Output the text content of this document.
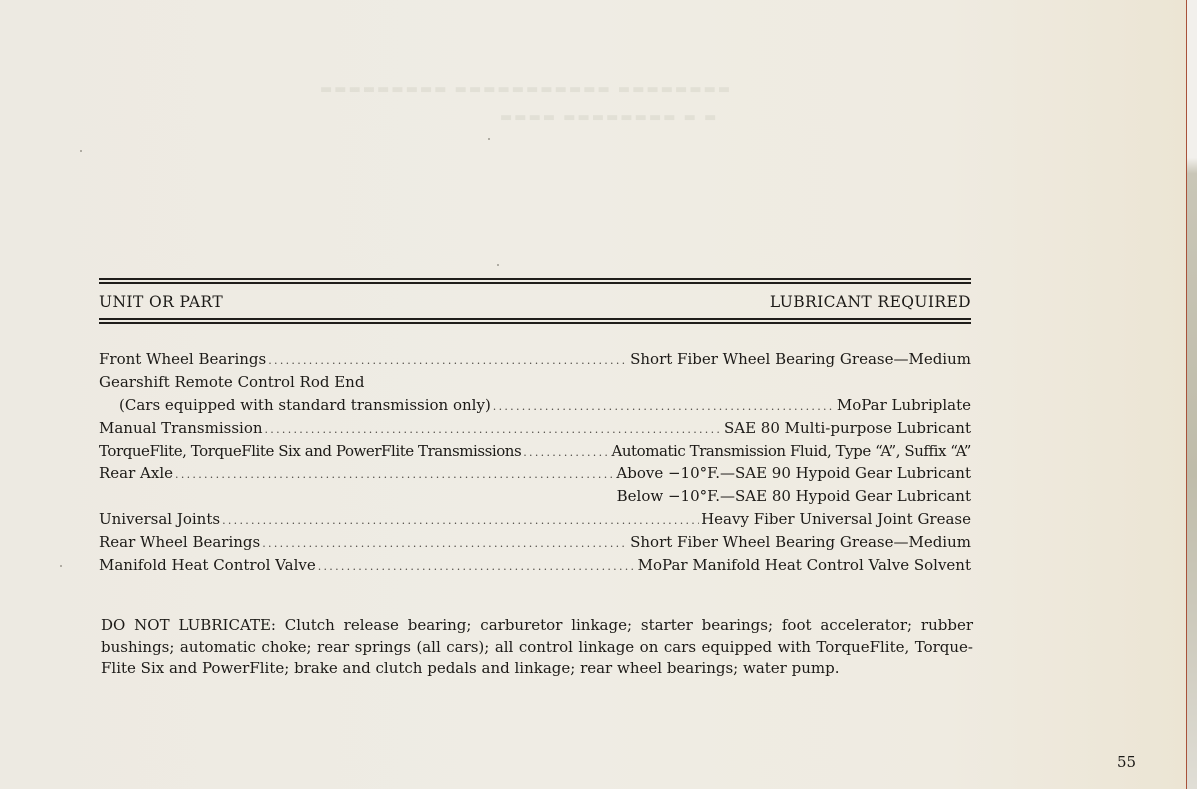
▬▬▬▬▬▬▬▬▬ ▬▬▬▬▬▬▬▬▬▬▬ ▬▬▬▬▬▬▬▬
▬▬▬▬ ▬▬▬▬▬▬▬▬ ▬ ▬
UNIT OR PART	LUBRICANT REQUIRED
Front Wheel Bearings . . .	Short Fiber Wheel Bearing Grease—Medium
Gearshift Remote Control Rod End
(Cars equipped with standard transmission only) . . .	MoPar Lubriplate
Manual Transmission . . .	SAE 80 Multi-purpose Lubricant
TorqueFlite, TorqueFlite Six and PowerFlite Transmissions . . .	Automatic Transmission Fluid, Type “A”, Suffix “A”
Rear Axle . . .	Above −10°F.—SAE 90 Hypoid Gear Lubricant
Below −10°F.—SAE 80 Hypoid Gear Lubricant
Universal Joints . . .	Heavy Fiber Universal Joint Grease
Rear Wheel Bearings . . .	Short Fiber Wheel Bearing Grease—Medium
Manifold Heat Control Valve . . .	MoPar Manifold Heat Control Valve Solvent

DO NOT LUBRICATE: Clutch release bearing; carburetor linkage; starter bearings; foot accelerator; rubber bushings; automatic choke; rear springs (all cars); all control linkage on cars equipped with TorqueFlite, Torque-Flite Six and PowerFlite; brake and clutch pedals and linkage; rear wheel bearings; water pump.

55
